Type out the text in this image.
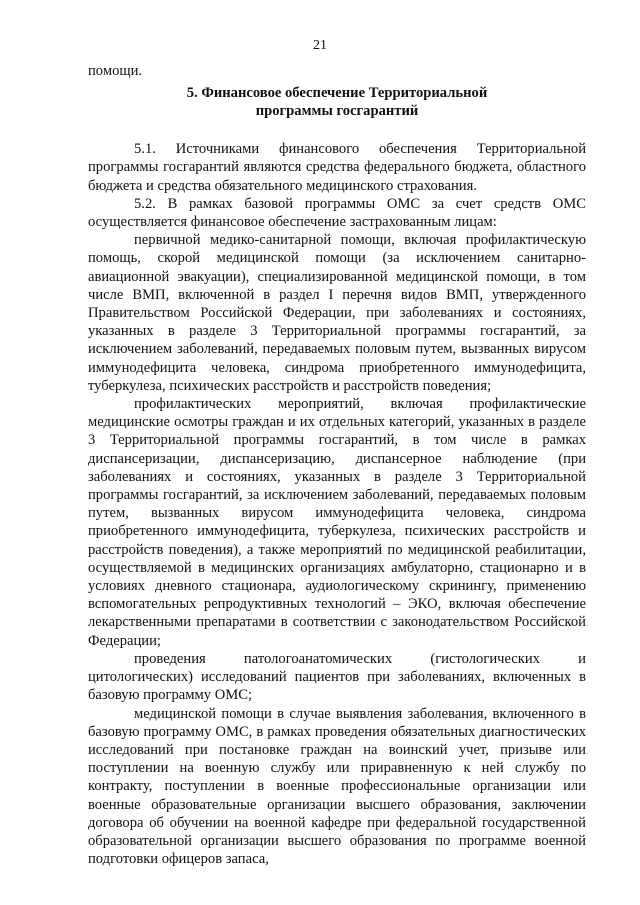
21

помощи.

5. Финансовое обеспечение Территориальной
программы госгарантий

5.1. Источниками финансового обеспечения Территориальной программы госгарантий являются средства федерального бюджета, областного бюджета и средства обязательного медицинского страхования.

5.2. В рамках базовой программы ОМС за счет средств ОМС осуществляется финансовое обеспечение застрахованным лицам:

первичной медико-санитарной помощи, включая профилактическую помощь, скорой медицинской помощи (за исключением санитарно-авиационной эвакуации), специализированной медицинской помощи, в том числе ВМП, включенной в раздел I перечня видов ВМП, утвержденного Правительством Российской Федерации, при заболеваниях и состояниях, указанных в разделе 3 Территориальной программы госгарантий, за исключением заболеваний, передаваемых половым путем, вызванных вирусом иммунодефицита человека, синдрома приобретенного иммунодефицита, туберкулеза, психических расстройств и расстройств поведения;

профилактических мероприятий, включая профилактические медицинские осмотры граждан и их отдельных категорий, указанных в разделе 3 Территориальной программы госгарантий, в том числе в рамках диспансеризации, диспансеризацию, диспансерное наблюдение (при заболеваниях и состояниях, указанных в разделе 3 Территориальной программы госгарантий, за исключением заболеваний, передаваемых половым путем, вызванных вирусом иммунодефицита человека, синдрома приобретенного иммунодефицита, туберкулеза, психических расстройств и расстройств поведения), а также мероприятий по медицинской реабилитации, осуществляемой в медицинских организациях амбулаторно, стационарно и в условиях дневного стационара, аудиологическому скринингу, применению вспомогательных репродуктивных технологий – ЭКО, включая обеспечение лекарственными препаратами в соответствии с законодательством Российской Федерации;

проведения патологоанатомических (гистологических и цитологических) исследований пациентов при заболеваниях, включенных в базовую программу ОМС;

медицинской помощи в случае выявления заболевания, включенного в базовую программу ОМС, в рамках проведения обязательных диагностических исследований при постановке граждан на воинский учет, призыве или поступлении на военную службу или приравненную к ней службу по контракту, поступлении в военные профессиональные организации или военные образовательные организации высшего образования, заключении договора об обучении на военной кафедре при федеральной государственной образовательной организации высшего образования по программе военной подготовки офицеров запаса,
